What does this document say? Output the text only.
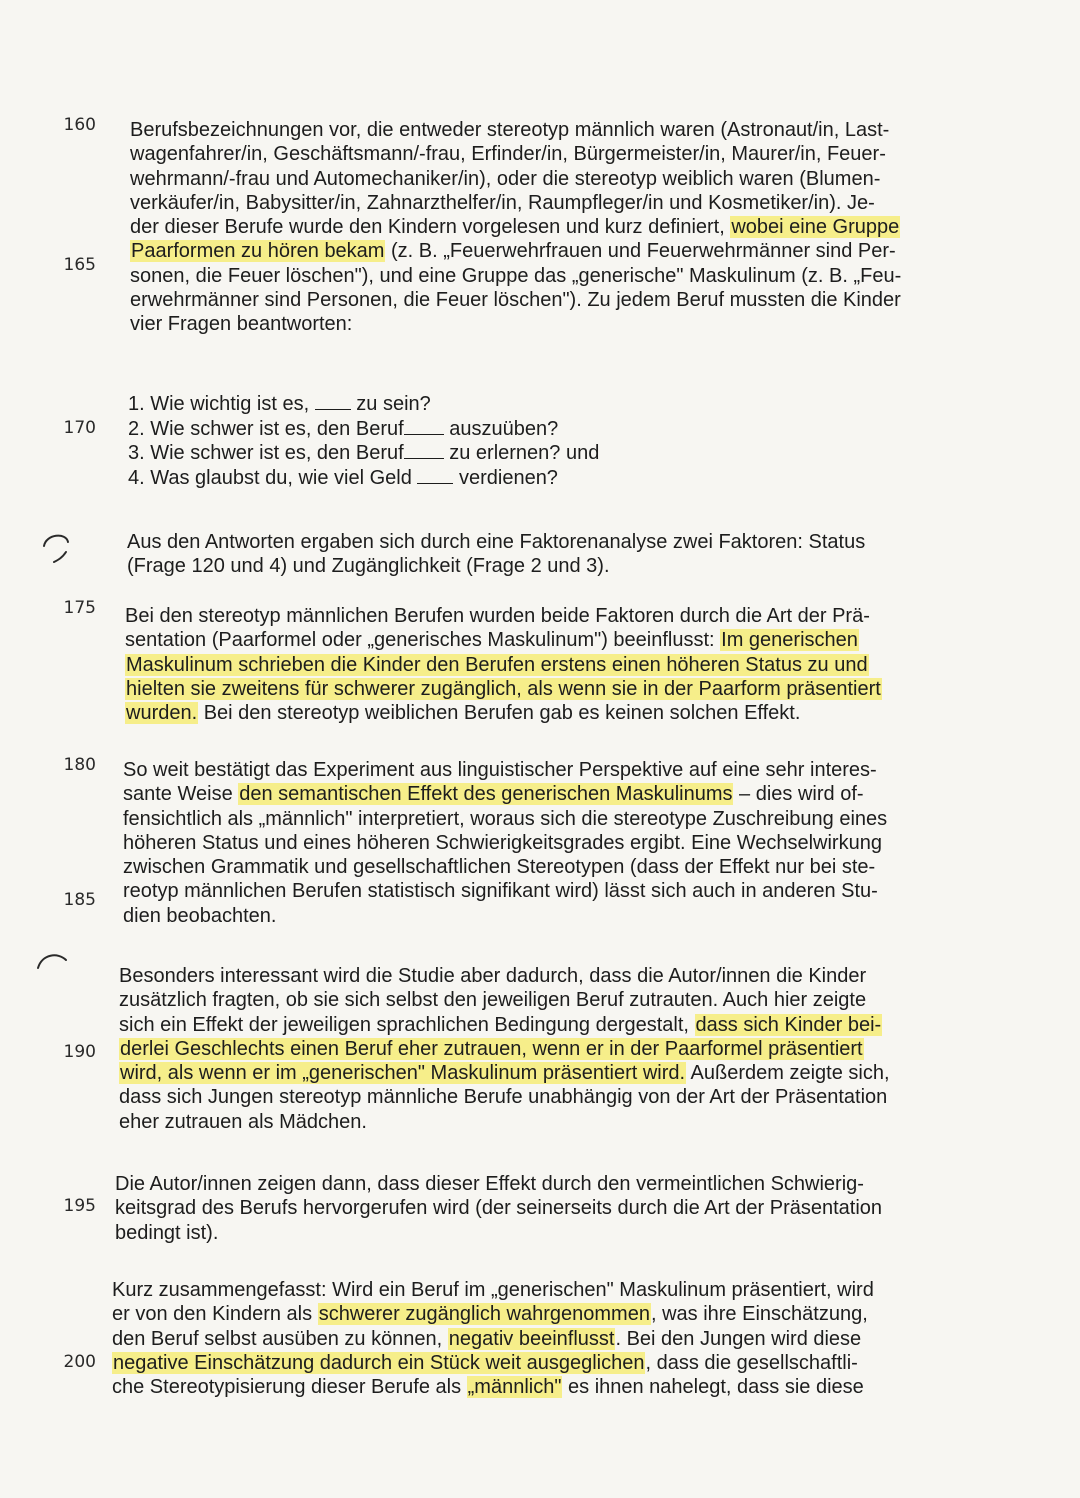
160
165
170
175
180
185
190
195
200
Berufsbezeichnungen vor, die entweder stereotyp männlich waren (Astronaut/in, Last-
wagenfahrer/in, Geschäftsmann/-frau, Erfinder/in, Bürgermeister/in, Maurer/in, Feuer-
wehrmann/-frau und Automechaniker/in), oder die stereotyp weiblich waren (Blumen-
verkäufer/in, Babysitter/in, Zahnarzthelfer/in, Raumpfleger/in und Kosmetiker/in). Je-
der dieser Berufe wurde den Kindern vorgelesen und kurz definiert, wobei eine Gruppe
Paarformen zu hören bekam (z. B. „Feuerwehrfrauen und Feuerwehrmänner sind Per-
sonen, die Feuer löschen"), und eine Gruppe das „generische" Maskulinum (z. B. „Feu-
erwehrmänner sind Personen, die Feuer löschen"). Zu jedem Beruf mussten die Kinder
vier Fragen beantworten:
1. Wie wichtig ist es, zu sein?
2. Wie schwer ist es, den Beruf auszuüben?
3. Wie schwer ist es, den Beruf zu erlernen? und
4. Was glaubst du, wie viel Geld verdienen?
Aus den Antworten ergaben sich durch eine Faktorenanalyse zwei Faktoren: Status
(Frage 120 und 4) und Zugänglichkeit (Frage 2 und 3).
Bei den stereotyp männlichen Berufen wurden beide Faktoren durch die Art der Prä-
sentation (Paarformel oder „generisches Maskulinum") beeinflusst: Im generischen
Maskulinum schrieben die Kinder den Berufen erstens einen höheren Status zu und
hielten sie zweitens für schwerer zugänglich, als wenn sie in der Paarform präsentiert
wurden. Bei den stereotyp weiblichen Berufen gab es keinen solchen Effekt.
So weit bestätigt das Experiment aus linguistischer Perspektive auf eine sehr interes-
sante Weise den semantischen Effekt des generischen Maskulinums – dies wird of-
fensichtlich als „männlich" interpretiert, woraus sich die stereotype Zuschreibung eines
höheren Status und eines höheren Schwierigkeitsgrades ergibt. Eine Wechselwirkung
zwischen Grammatik und gesellschaftlichen Stereotypen (dass der Effekt nur bei ste-
reotyp männlichen Berufen statistisch signifikant wird) lässt sich auch in anderen Stu-
dien beobachten.
Besonders interessant wird die Studie aber dadurch, dass die Autor/innen die Kinder
zusätzlich fragten, ob sie sich selbst den jeweiligen Beruf zutrauten. Auch hier zeigte
sich ein Effekt der jeweiligen sprachlichen Bedingung dergestalt, dass sich Kinder bei-
derlei Geschlechts einen Beruf eher zutrauen, wenn er in der Paarformel präsentiert
wird, als wenn er im „generischen" Maskulinum präsentiert wird. Außerdem zeigte sich,
dass sich Jungen stereotyp männliche Berufe unabhängig von der Art der Präsentation
eher zutrauen als Mädchen.
Die Autor/innen zeigen dann, dass dieser Effekt durch den vermeintlichen Schwierig-
keitsgrad des Berufs hervorgerufen wird (der seinerseits durch die Art der Präsentation
bedingt ist).
Kurz zusammengefasst: Wird ein Beruf im „generischen" Maskulinum präsentiert, wird
er von den Kindern als schwerer zugänglich wahrgenommen, was ihre Einschätzung,
den Beruf selbst ausüben zu können, negativ beeinflusst. Bei den Jungen wird diese
negative Einschätzung dadurch ein Stück weit ausgeglichen, dass die gesellschaftli-
che Stereotypisierung dieser Berufe als „männlich" es ihnen nahelegt, dass sie diese
